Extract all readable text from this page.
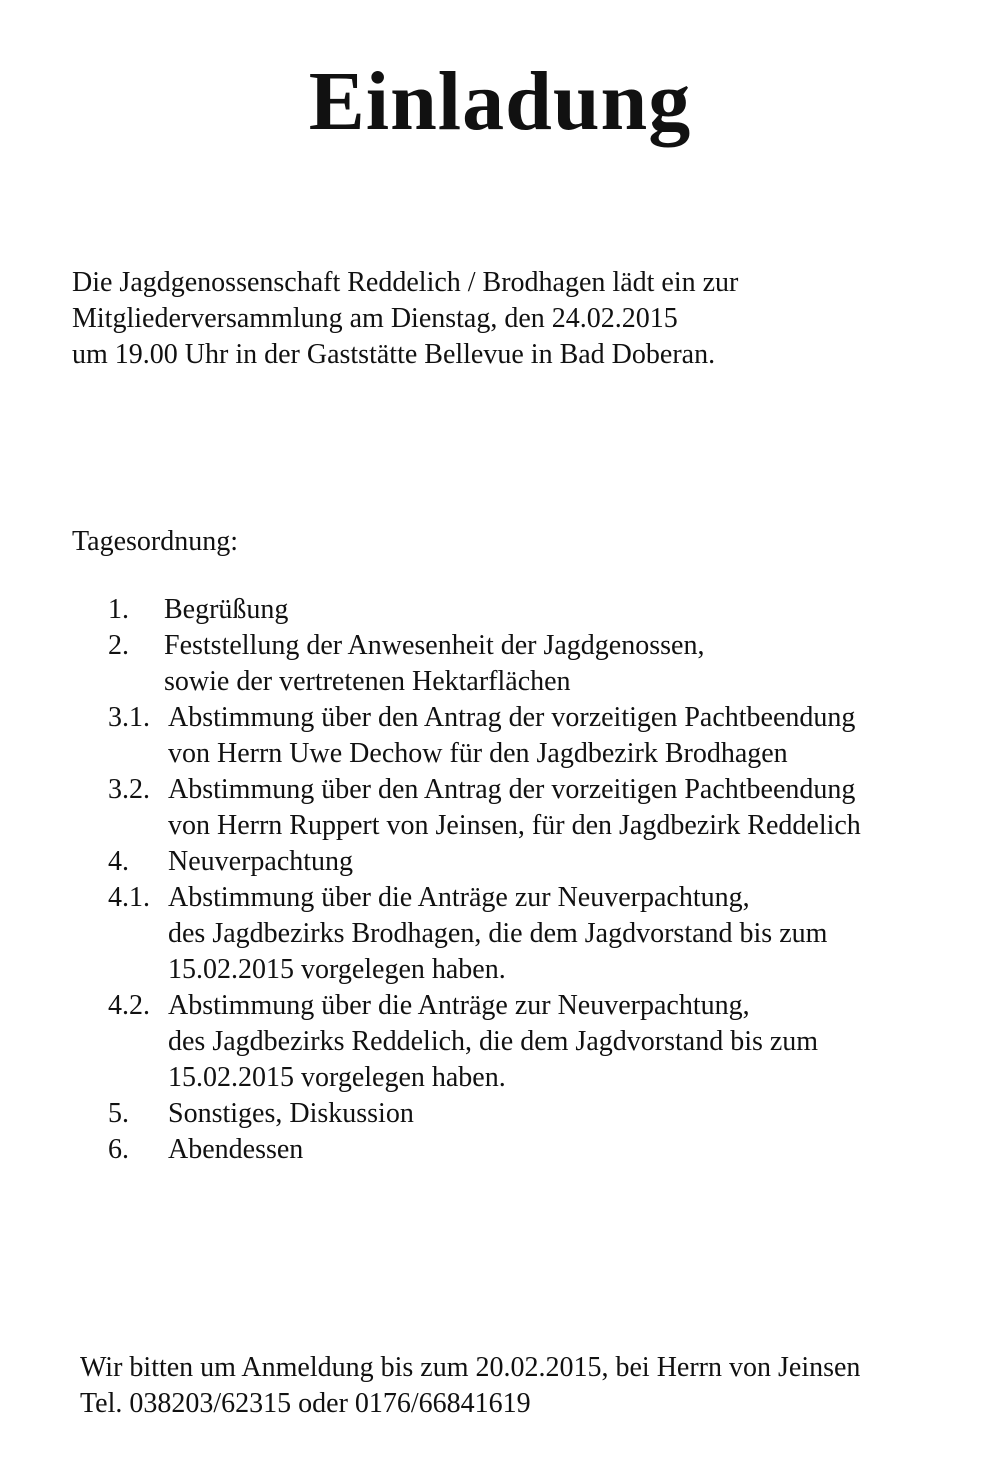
Einladung

Die Jagdgenossenschaft Reddelich / Brodhagen lädt ein zur
Mitgliederversammlung am Dienstag, den 24.02.2015
um 19.00 Uhr in der Gaststätte Bellevue in Bad Doberan.

Tagesordnung:

1.	Begrüßung
2.	Feststellung der Anwesenheit der Jagdgenossen,
sowie der vertretenen Hektarflächen
3.1. Abstimmung über den Antrag der vorzeitigen Pachtbeendung
von Herrn Uwe Dechow für den Jagdbezirk Brodhagen
3.2. Abstimmung über den Antrag der vorzeitigen Pachtbeendung
von Herrn Ruppert von Jeinsen, für den Jagdbezirk Reddelich
4.	Neuverpachtung
4.1. Abstimmung über die Anträge zur Neuverpachtung,
des Jagdbezirks Brodhagen, die dem Jagdvorstand bis zum
15.02.2015 vorgelegen haben.
4.2. Abstimmung über die Anträge zur Neuverpachtung,
des Jagdbezirks Reddelich, die dem Jagdvorstand bis zum
15.02.2015 vorgelegen haben.
5.	Sonstiges, Diskussion
6.	Abendessen

Wir bitten um Anmeldung bis zum 20.02.2015, bei Herrn von Jeinsen
Tel. 038203/62315 oder 0176/66841619
